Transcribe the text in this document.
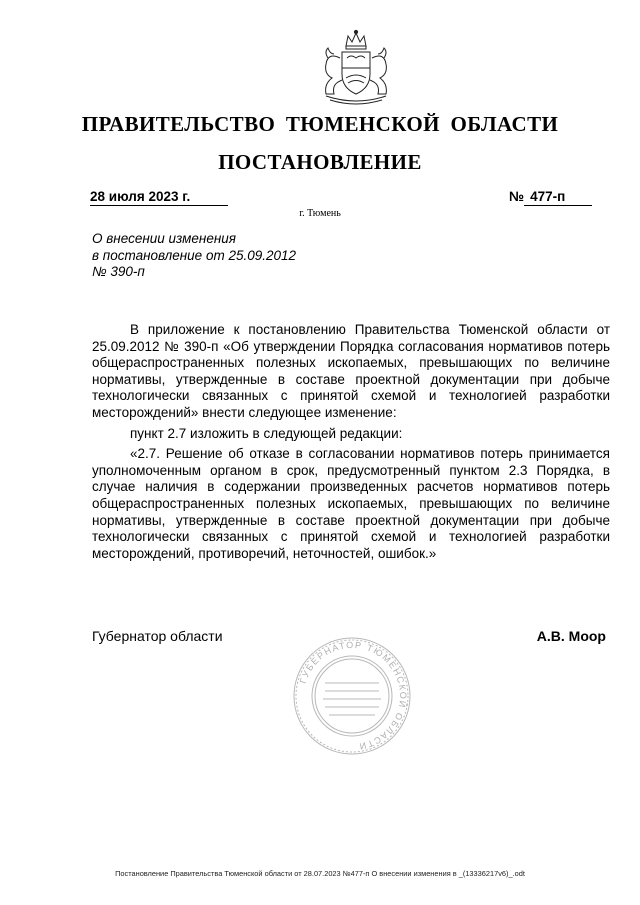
ПРАВИТЕЛЬСТВО ТЮМЕНСКОЙ ОБЛАСТИ
ПОСТАНОВЛЕНИЕ
28 июля 2023 г.	№ 477-п
г. Тюмень
О внесении изменения
в постановление от 25.09.2012
№ 390-п

В приложение к постановлению Правительства Тюменской области от 25.09.2012 № 390-п «Об утверждении Порядка согласования нормативов потерь общераспространенных полезных ископаемых, превышающих по величине нормативы, утвержденные в составе проектной документации при добыче технологически связанных с принятой схемой и технологией разработки месторождений» внести следующее изменение:

пункт 2.7 изложить в следующей редакции:

«2.7. Решение об отказе в согласовании нормативов потерь принимается уполномоченным органом в срок, предусмотренный пунктом 2.3 Порядка, в случае наличия в содержании произведенных расчетов нормативов потерь общераспространенных полезных ископаемых, превышающих по величине нормативы, утвержденные в составе проектной документации при добыче технологически связанных с принятой схемой и технологией разработки месторождений, противоречий, неточностей, ошибок.»

Губернатор области	А.В. Моор
ГУБЕРНАТОР ТЮМЕНСКОЙ ОБЛАСТИ
Постановление Правительства Тюменской области от 28.07.2023 №477-п О внесении изменения в _(13336217v6)_.odt
